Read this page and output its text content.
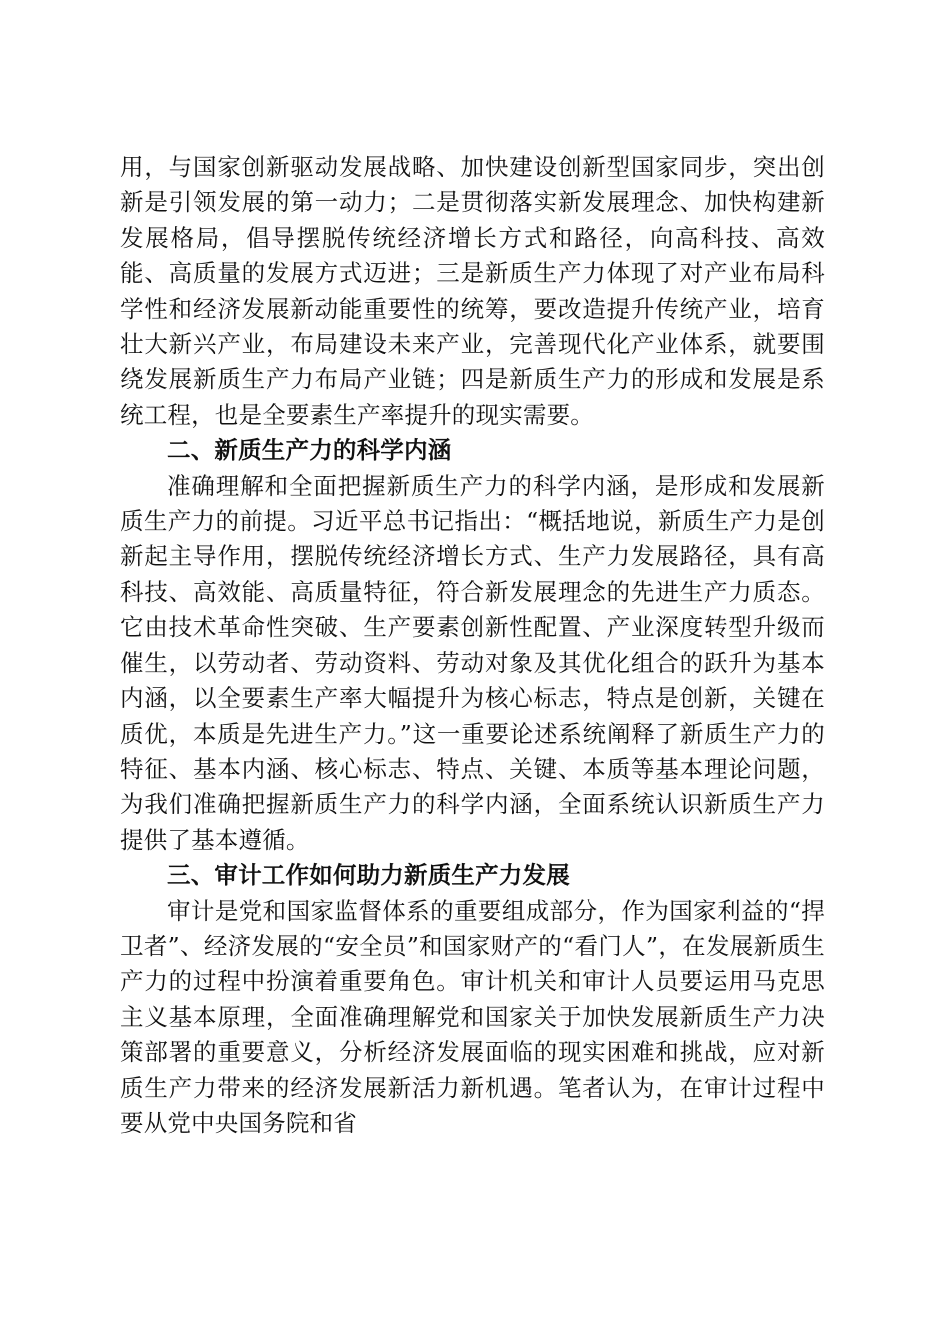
用，与国家创新驱动发展战略、加快建设创新型国家同步，突出创新是引领发展的第一动力；二是贯彻落实新发展理念、加快构建新发展格局，倡导摆脱传统经济增长方式和路径，向高科技、高效能、高质量的发展方式迈进；三是新质生产力体现了对产业布局科学性和经济发展新动能重要性的统筹，要改造提升传统产业，培育壮大新兴产业，布局建设未来产业，完善现代化产业体系，就要围绕发展新质生产力布局产业链；四是新质生产力的形成和发展是系统工程，也是全要素生产率提升的现实需要。

二、新质生产力的科学内涵

准确理解和全面把握新质生产力的科学内涵，是形成和发展新质生产力的前提。习近平总书记指出：“概括地说，新质生产力是创新起主导作用，摆脱传统经济增长方式、生产力发展路径，具有高科技、高效能、高质量特征，符合新发展理念的先进生产力质态。它由技术革命性突破、生产要素创新性配置、产业深度转型升级而催生，以劳动者、劳动资料、劳动对象及其优化组合的跃升为基本内涵，以全要素生产率大幅提升为核心标志，特点是创新，关键在质优，本质是先进生产力。”这一重要论述系统阐释了新质生产力的特征、基本内涵、核心标志、特点、关键、本质等基本理论问题，为我们准确把握新质生产力的科学内涵，全面系统认识新质生产力提供了基本遵循。

三、审计工作如何助力新质生产力发展

审计是党和国家监督体系的重要组成部分，作为国家利益的“捍卫者”、经济发展的“安全员”和国家财产的“看门人”，在发展新质生产力的过程中扮演着重要角色。审计机关和审计人员要运用马克思主义基本原理，全面准确理解党和国家关于加快发展新质生产力决策部署的重要意义，分析经济发展面临的现实困难和挑战，应对新质生产力带来的经济发展新活力新机遇。笔者认为，在审计过程中要从党中央国务院和省
